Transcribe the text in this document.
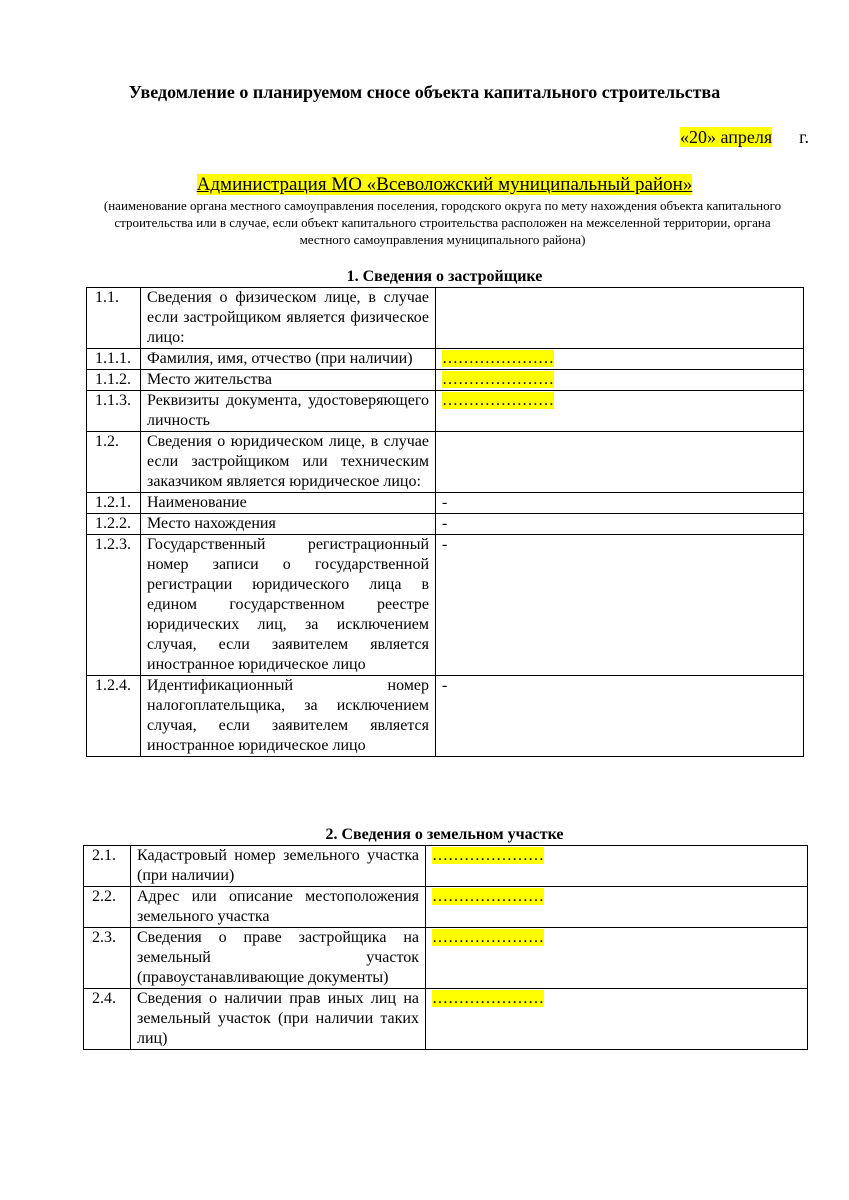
Уведомление о планируемом сносе объекта капитального строительства
«20» апреля г.
Администрация МО «Всеволожский муниципальный район»
(наименование органа местного самоуправления поселения, городского округа по мету нахождения объекта капитального строительства или в случае, если объект капитального строительства расположен на межселенной территории, органа местного самоуправления муниципального района)
1. Сведения о застройщике
1.1.	Сведения о физическом лице, в случае если застройщиком является физическое лицо:	
1.1.1.	Фамилия, имя, отчество (при наличии)	…………………
1.1.2.	Место жительства	…………………
1.1.3.	Реквизиты документа, удостоверяющего личность	…………………
1.2.	Сведения о юридическом лице, в случае если застройщиком или техническим заказчиком является юридическое лицо:	
1.2.1.	Наименование	-
1.2.2.	Место нахождения	-
1.2.3.	Государственный регистрационный номер записи о государственной регистрации юридического лица в едином государственном реестре юридических лиц, за исключением случая, если заявителем является иностранное юридическое лицо	-
1.2.4.	Идентификационный номер налогоплательщика, за исключением случая, если заявителем является иностранное юридическое лицо	-
2. Сведения о земельном участке
2.1.	Кадастровый номер земельного участка (при наличии)	…………………
2.2.	Адрес или описание местоположения земельного участка	…………………
2.3.	Сведения о праве застройщика на земельный участок (правоустанавливающие документы)	…………………
2.4.	Сведения о наличии прав иных лиц на земельный участок (при наличии таких лиц)	…………………
